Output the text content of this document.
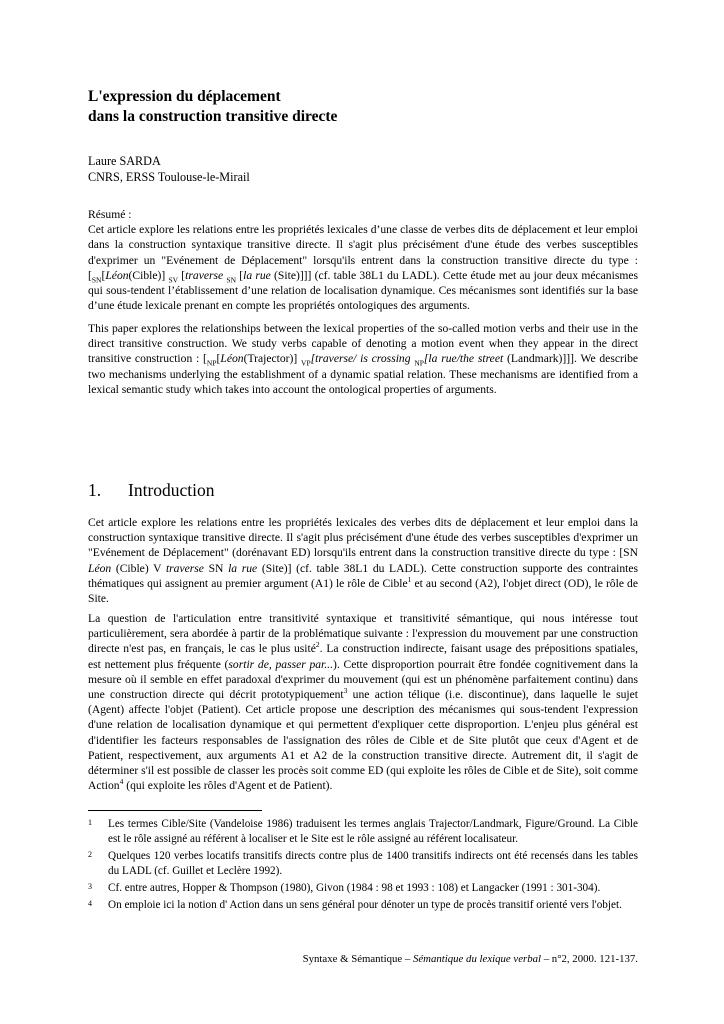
L'expression du déplacement
dans la construction transitive directe
Laure SARDA
CNRS, ERSS Toulouse-le-Mirail

Résumé :

Cet article explore les relations entre les propriétés lexicales d’une classe de verbes dits de déplacement et leur emploi dans la construction syntaxique transitive directe. Il s'agit plus précisément d'une étude des verbes susceptibles d'exprimer un "Evénement de Déplacement" lorsqu'ils entrent dans la construction transitive directe du type : [$_{SN}[Léon(Cible)]$ $_{SV}$ [traverse $_{SN}$ [la rue (Site)]]] (cf. table 38L1 du LADL). Cette étude met au jour deux mécanismes qui sous-tendent l’établissement d’une relation de localisation dynamique. Ces mécanismes sont identifiés sur la base d’une étude lexicale prenant en compte les propriétés ontologiques des arguments.

This paper explores the relationships between the lexical properties of the so-called motion verbs and their use in the direct transitive construction. We study verbs capable of denoting a motion event when they appear in the direct transitive construction : [$_{NP}[Léon(Trajector)]$ $_{VP}$[traverse/ is crossing $_{NP}$[la rue/the street (Landmark)]]]. We describe two mechanisms underlying the establishment of a dynamic spatial relation. These mechanisms are identified from a lexical semantic study which takes into account the ontological properties of arguments.

1. Introduction

Cet article explore les relations entre les propriétés lexicales des verbes dits de déplacement et leur emploi dans la construction syntaxique transitive directe. Il s'agit plus précisément d'une étude des verbes susceptibles d'exprimer un "Evénement de Déplacement" (dorénavant ED) lorsqu'ils entrent dans la construction transitive directe du type : [SN Léon (Cible) V traverse SN la rue (Site)] (cf. table 38L1 du LADL). Cette construction supporte des contraintes thématiques qui assignent au premier argument (A1) le rôle de Cible$^1$ et au second (A2), l'objet direct (OD), le rôle de Site.

La question de l'articulation entre transitivité syntaxique et transitivité sémantique, qui nous intéresse tout particulièrement, sera abordée à partir de la problématique suivante : l'expression du mouvement par une construction directe n'est pas, en français, le cas le plus usité$^2$. La construction indirecte, faisant usage des prépositions spatiales, est nettement plus fréquente (sortir de, passer par...). Cette disproportion pourrait être fondée cognitivement dans la mesure où il semble en effet paradoxal d'exprimer du mouvement (qui est un phénomène parfaitement continu) dans une construction directe qui décrit prototypiquement$^3$ une action télique (i.e. discontinue), dans laquelle le sujet (Agent) affecte l'objet (Patient). Cet article propose une description des mécanismes qui sous-tendent l'expression d'une relation de localisation dynamique et qui permettent d'expliquer cette disproportion. L'enjeu plus général est d'identifier les facteurs responsables de l'assignation des rôles de Cible et de Site plutôt que ceux d'Agent et de Patient, respectivement, aux arguments A1 et A2 de la construction transitive directe. Autrement dit, il s'agit de déterminer s'il est possible de classer les procès soit comme ED (qui exploite les rôles de Cible et de Site), soit comme Action$^4$ (qui exploite les rôles d'Agent et de Patient).

1	Les termes Cible/Site (Vandeloise 1986) traduisent les termes anglais Trajector/Landmark, Figure/Ground. La Cible est le rôle assigné au référent à localiser et le Site est le rôle assigné au référent localisateur.
2	Quelques 120 verbes locatifs transitifs directs contre plus de 1400 transitifs indirects ont été recensés dans les tables du LADL (cf. Guillet et Leclère 1992).
3	Cf. entre autres, Hopper & Thompson (1980), Givon (1984 : 98 et 1993 : 108) et Langacker (1991 : 301-304).
4	On emploie ici la notion d' Action dans un sens général pour dénoter un type de procès transitif orienté vers l'objet.
Syntaxe & Sémantique – Sémantique du lexique verbal – n°2, 2000. 121-137.
